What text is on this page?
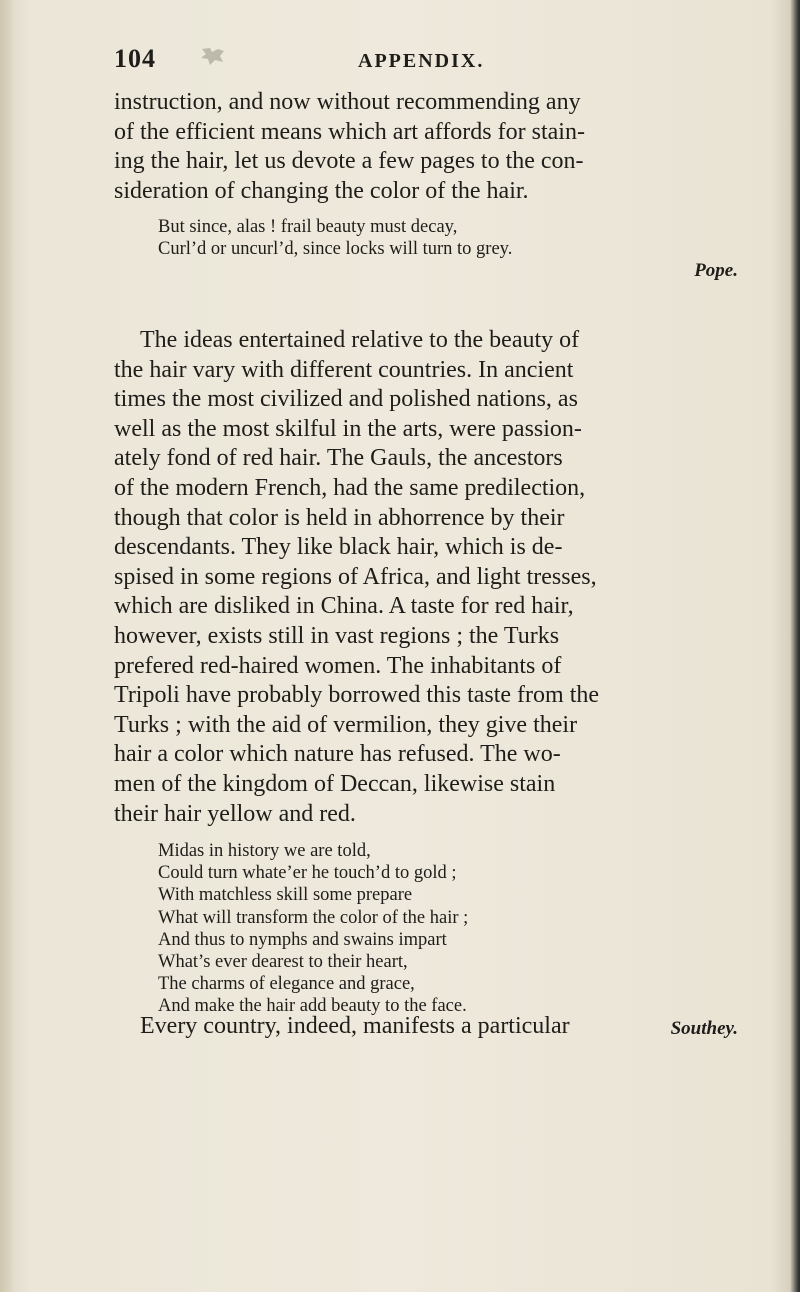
104	APPENDIX.

instruction, and now without recommending any
of the efficient means which art affords for stain-
ing the hair, let us devote a few pages to the con-
sideration of changing the color of the hair.

But since, alas ! frail beauty must decay,
Curl’d or uncurl’d, since locks will turn to grey.
Pope.

The ideas entertained relative to the beauty of
the hair vary with different countries. In ancient
times the most civilized and polished nations, as
well as the most skilful in the arts, were passion-
ately fond of red hair. The Gauls, the ancestors
of the modern French, had the same predilection,
though that color is held in abhorrence by their
descendants. They like black hair, which is de-
spised in some regions of Africa, and light tresses,
which are disliked in China. A taste for red hair,
however, exists still in vast regions ; the Turks
prefered red-haired women. The inhabitants of
Tripoli have probably borrowed this taste from the
Turks ; with the aid of vermilion, they give their
hair a color which nature has refused. The wo-
men of the kingdom of Deccan, likewise stain
their hair yellow and red.

Midas in history we are told,
Could turn whate’er he touch’d to gold ;
With matchless skill some prepare
What will transform the color of the hair ;
And thus to nymphs and swains impart
What’s ever dearest to their heart,
The charms of elegance and grace,
And make the hair add beauty to the face.
Southey.

Every country, indeed, manifests a particular
